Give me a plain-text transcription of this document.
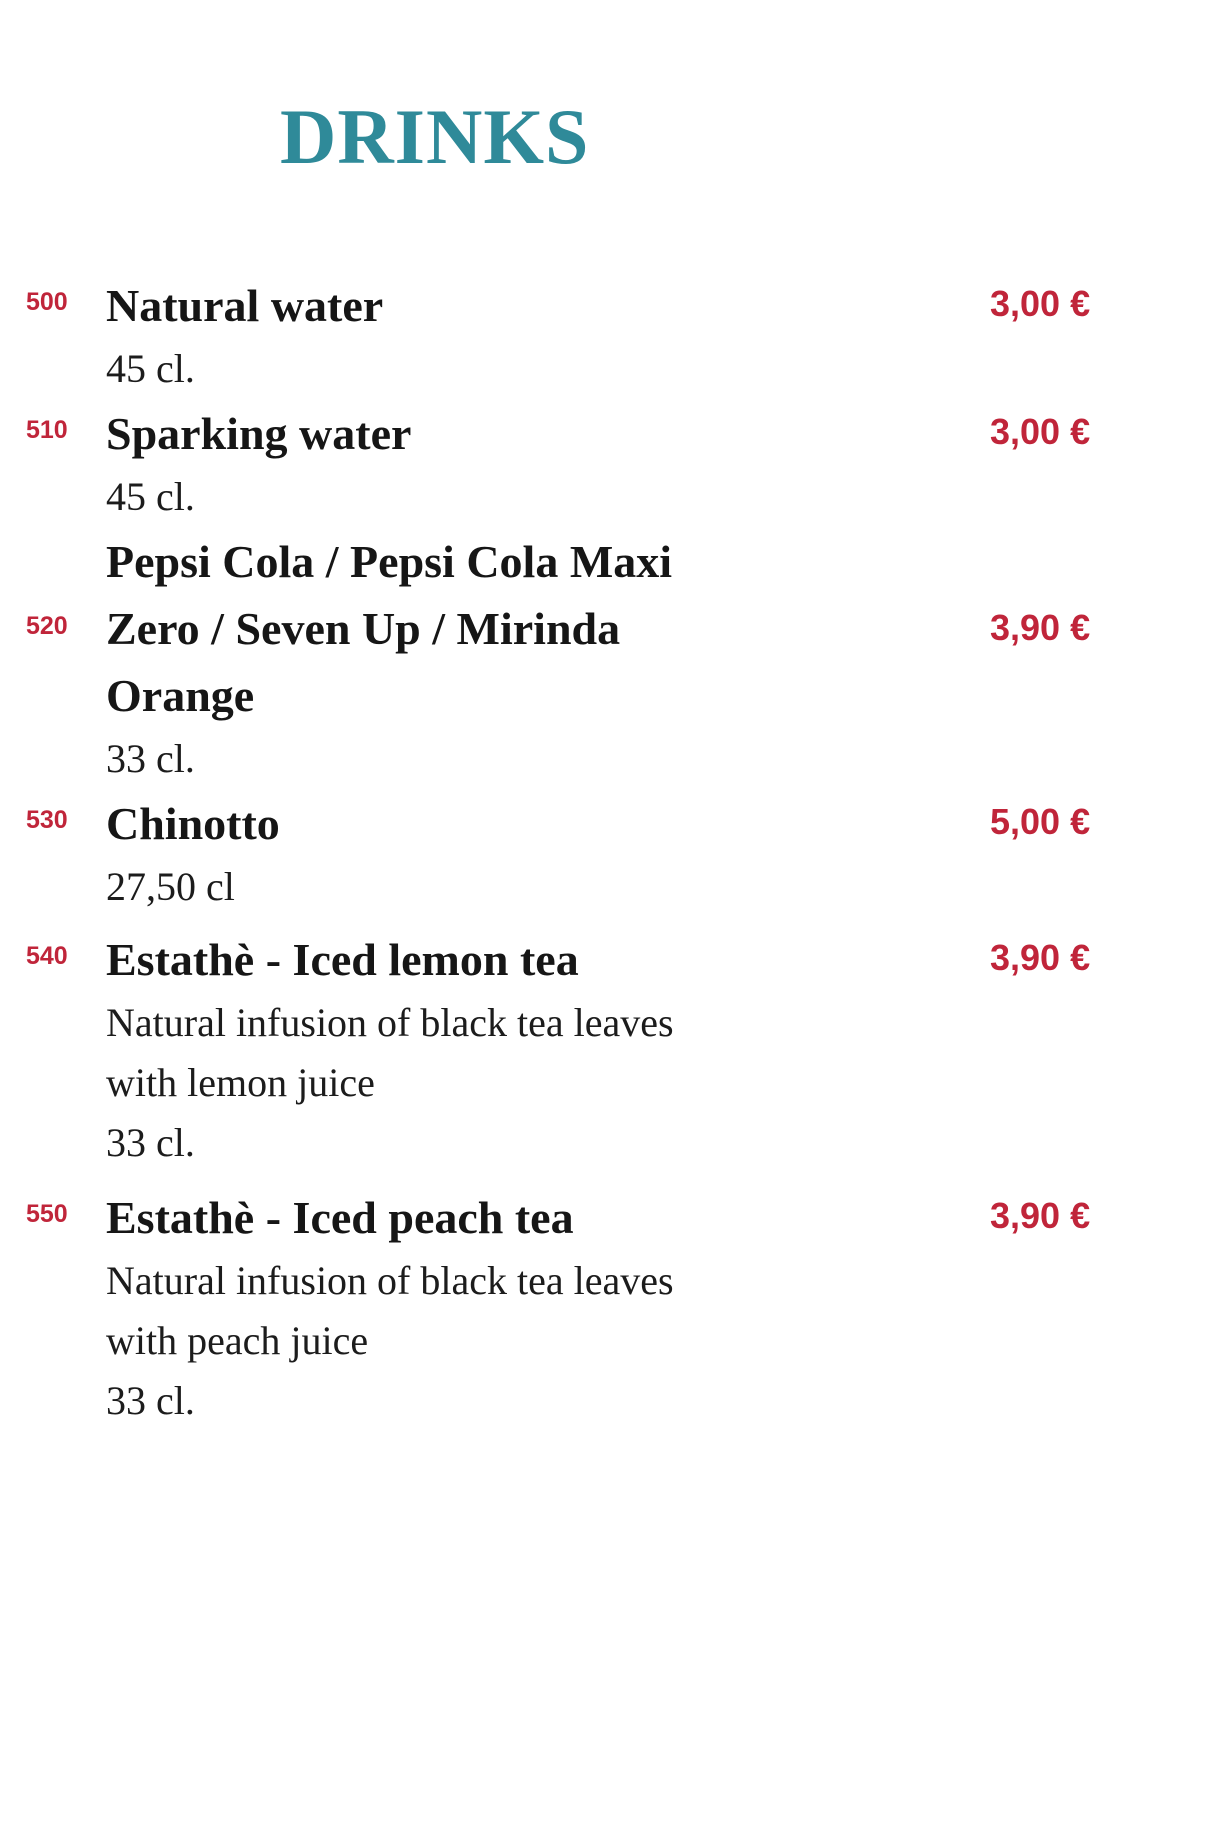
DRINKS
500 Natural water
45 cl.
3,00 €
510 Sparking water
45 cl.
3,00 €
520
Pepsi Cola / Pepsi Cola Maxi
Zero / Seven Up / Mirinda
Orange
33 cl.
3,90 €
530 Chinotto
27,50 cl
5,00 €
540 Estathè - Iced lemon tea
Natural infusion of black tea leaves
with lemon juice
33 cl.
3,90 €
550 Estathè - Iced peach tea
Natural infusion of black tea leaves
with peach juice
33 cl.
3,90 €
